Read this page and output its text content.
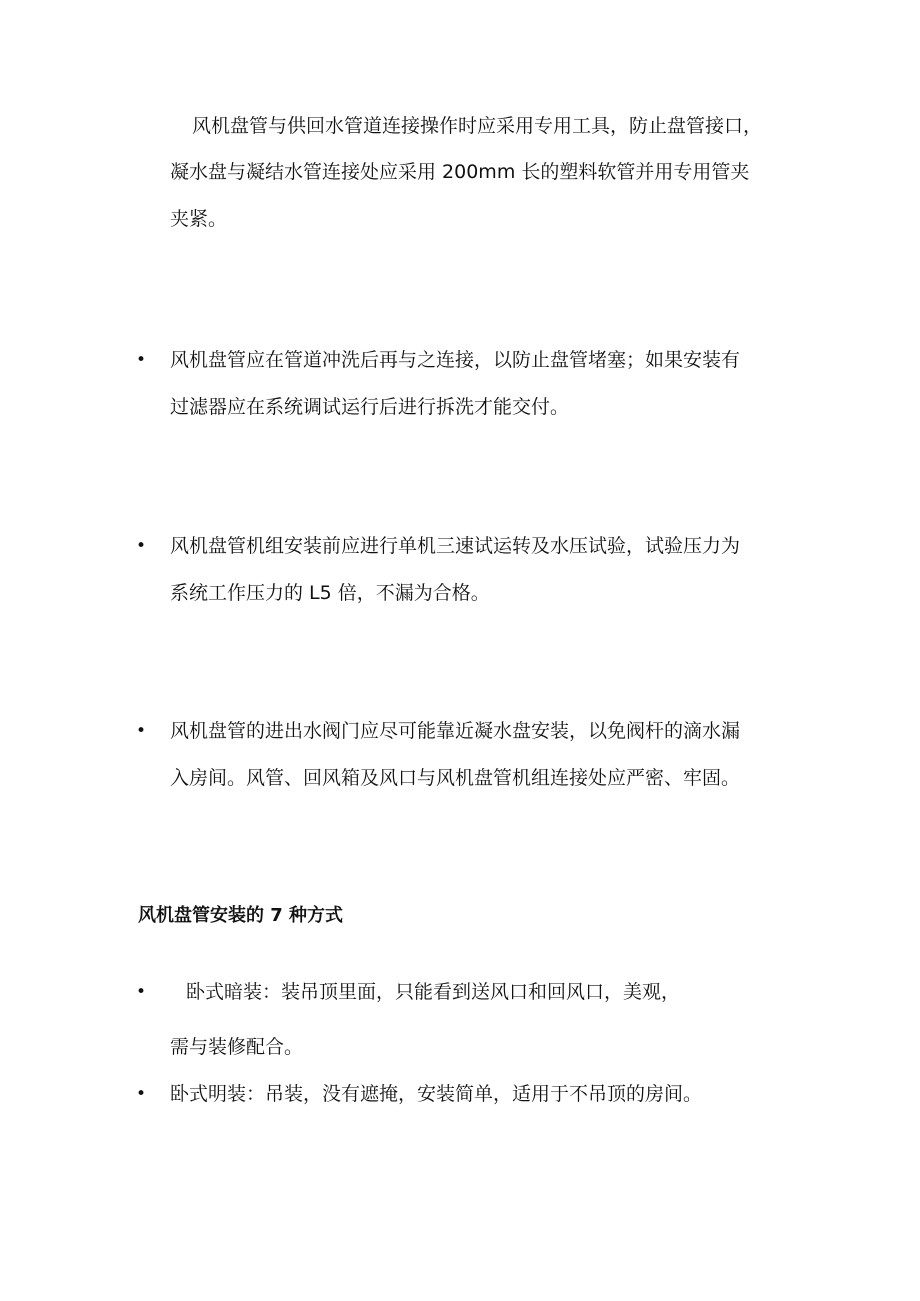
风机盘管与供回水管道连接操作时应采用专用工具，防止盘管接口，
凝水盘与凝结水管连接处应采用 200mm 长的塑料软管并用专用管夹
夹紧。
• 风机盘管应在管道冲洗后再与之连接，以防止盘管堵塞；如果安装有
过滤器应在系统调试运行后进行拆洗才能交付。
• 风机盘管机组安装前应进行单机三速试运转及水压试验，试验压力为
系统工作压力的 L5 倍，不漏为合格。
• 风机盘管的进出水阀门应尽可能靠近凝水盘安装，以免阀杆的滴水漏
入房间。风管、回风箱及风口与风机盘管机组连接处应严密、牢固。
风机盘管安装的 7 种方式
• 卧式暗装：装吊顶里面，只能看到送风口和回风口，美观，
需与装修配合。
• 卧式明装：吊装，没有遮掩，安装简单，适用于不吊顶的房间。
